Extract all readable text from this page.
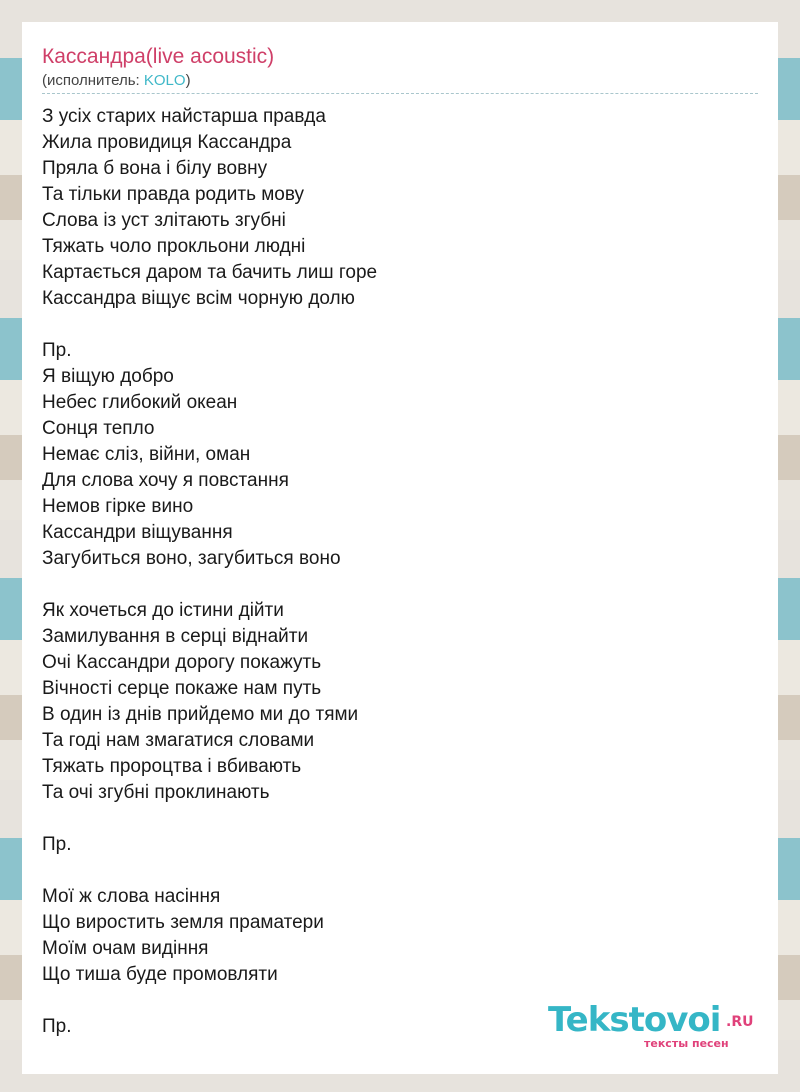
Кассандра(live acoustic)
(исполнитель: KOLO)
З усіх старих найстарша правда
Жила провидиця Кассандра
Пряла б вона і білу вовну
Та тільки правда родить мову
Слова із уст злітають згубні
Тяжать чоло прокльони людні
Картається даром та бачить лиш горе
Кассандра віщує всім чорную долю
Пр.
Я віщую добро
Небес глибокий океан
Сонця тепло
Немає сліз, війни, оман
Для слова хочу я повстання
Немов гірке вино
Кассандри віщування
Загубиться воно, загубиться воно
Як хочеться до істини дійти
Замилування в серці віднайти
Очі Кассандри дорогу покажуть
Вічності серце покаже нам путь
В один із днів прийдемо ми до тями
Та годі нам змагатися словами
Тяжать пророцтва і вбивають
Та очі згубні проклинають
Пр.
Мої ж слова насіння
Що виростить земля праматери
Моїм очам видіння
Що тиша буде промовляти
Пр.	Tekstovoi .RU
тексты песен
